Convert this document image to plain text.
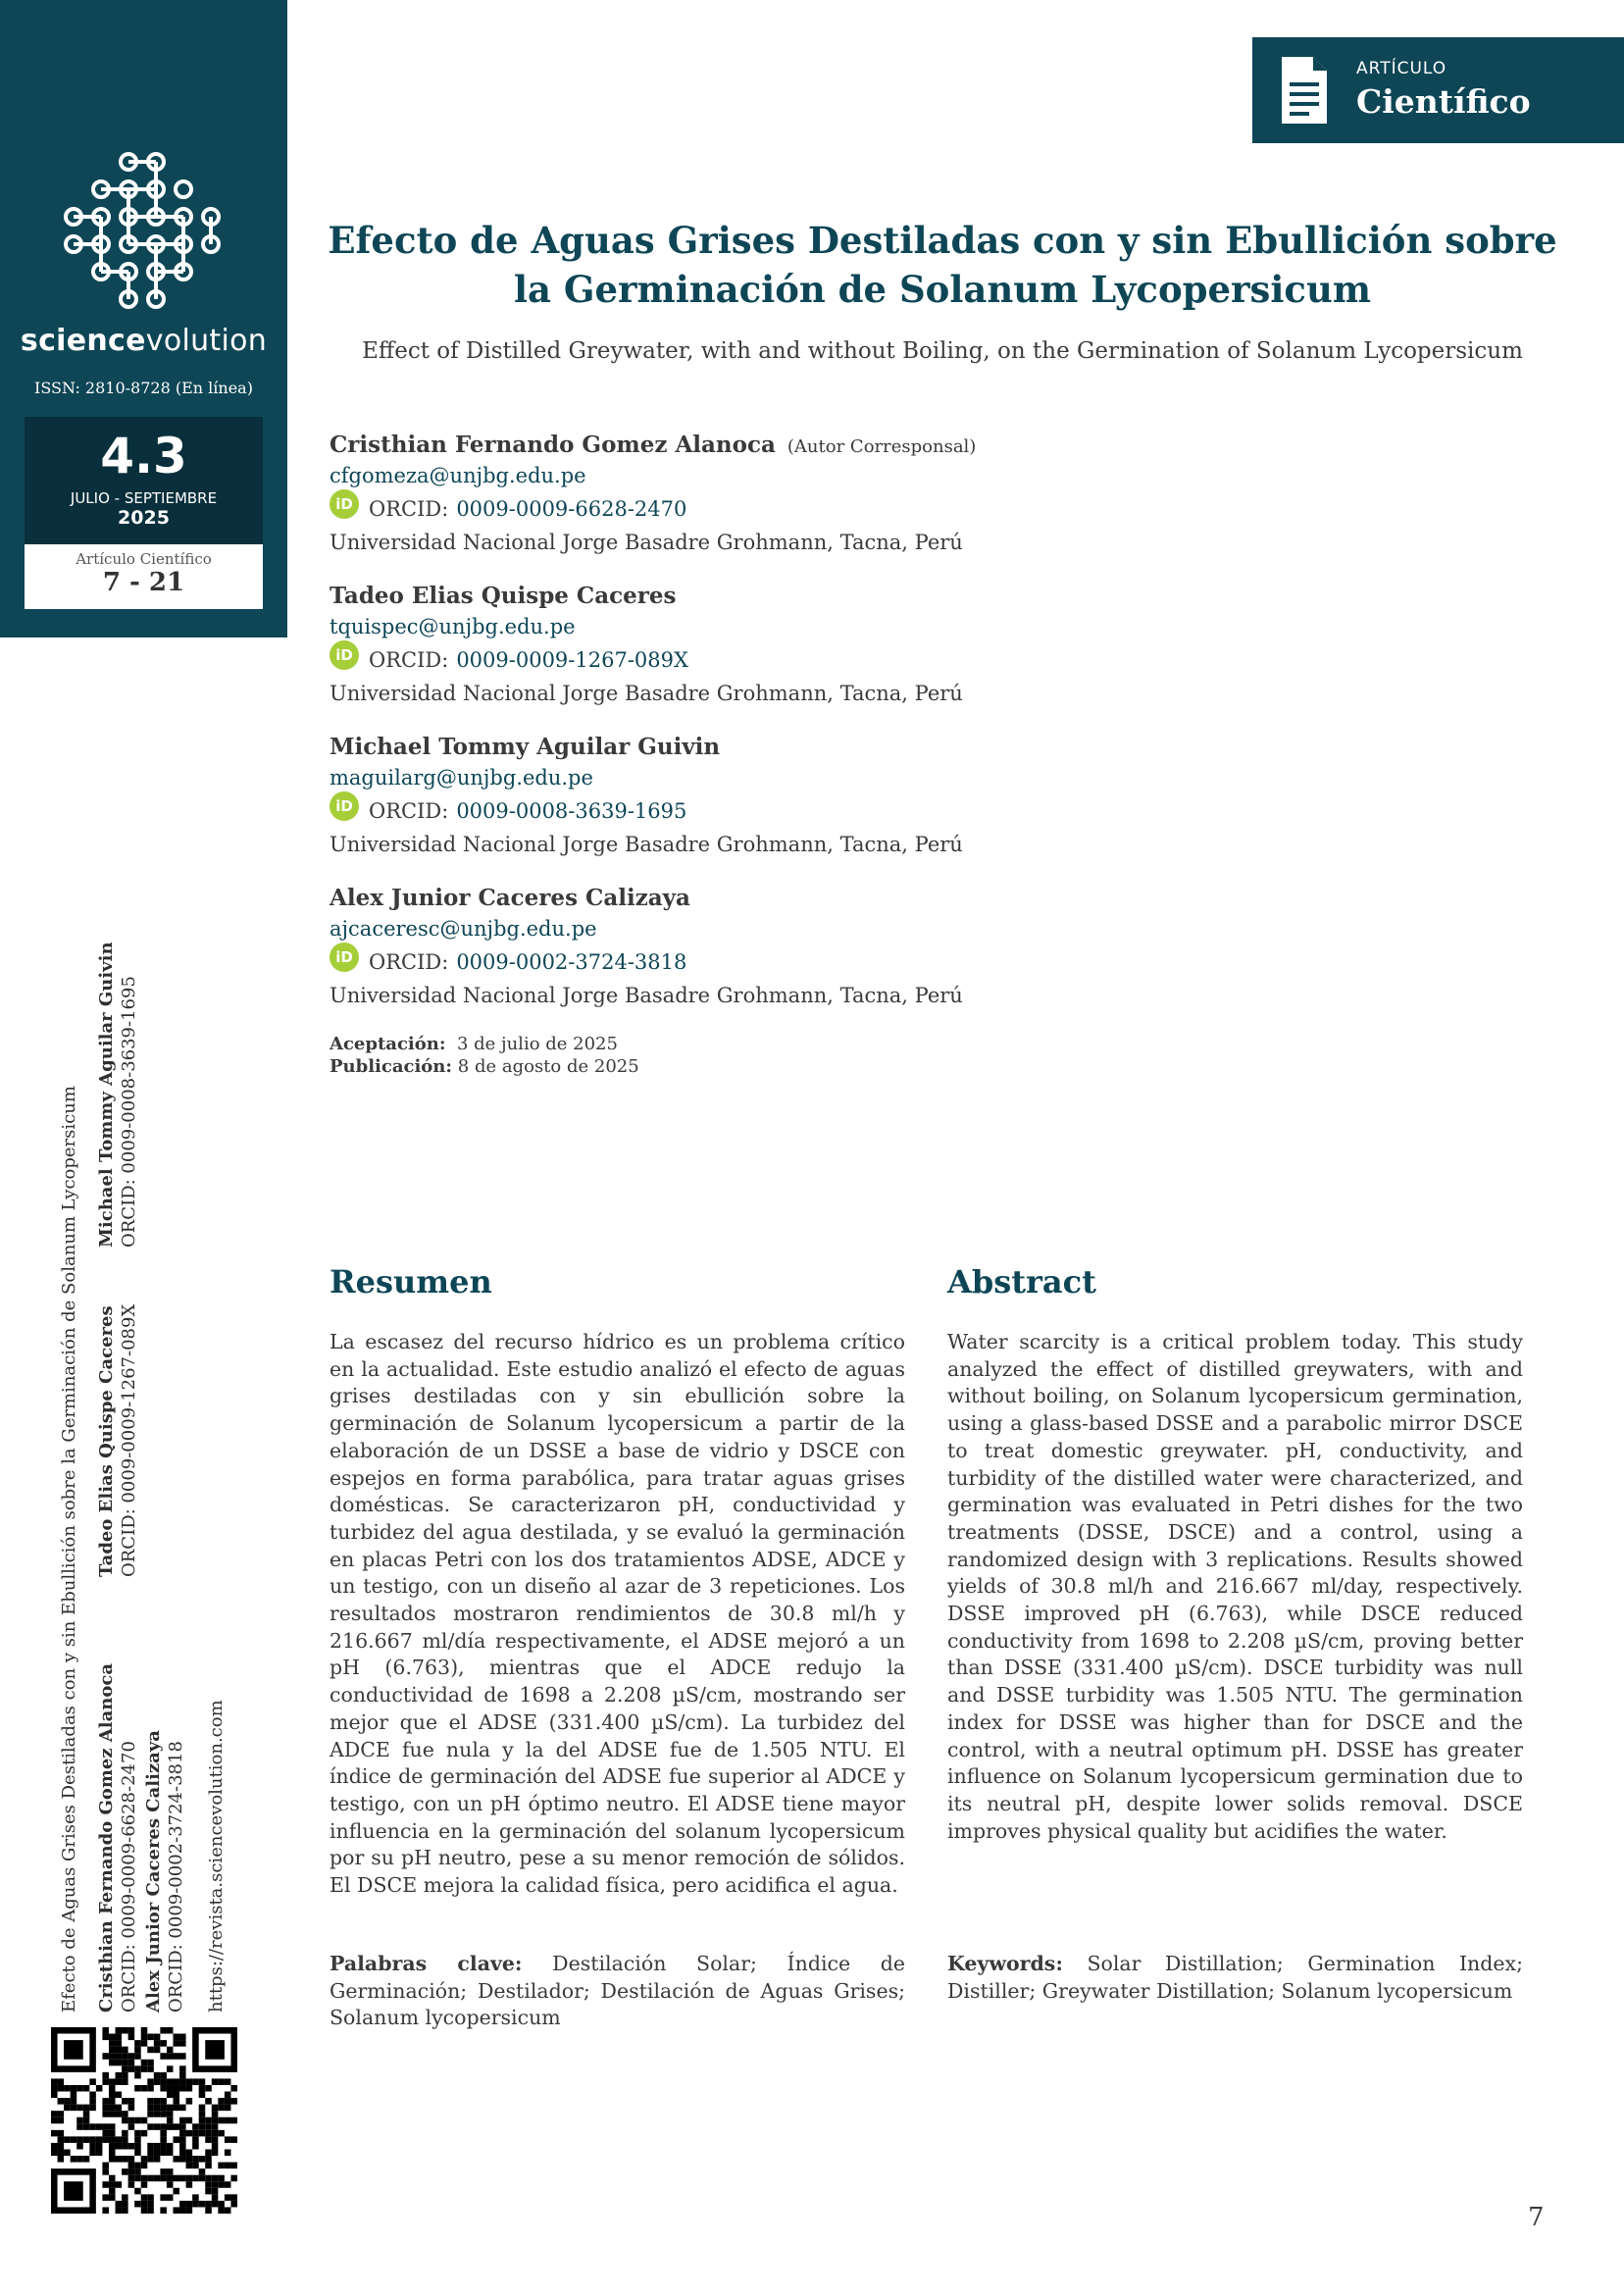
sciencevolution
ISSN: 2810-8728 (En línea)
4.3
JULIO - SEPTIEMBRE
2025
Artículo Científico
7 - 21
ARTÍCULO
Científico
Efecto de Aguas Grises Destiladas con y sin Ebullición sobre
la Germinación de Solanum Lycopersicum
Effect of Distilled Greywater, with and without Boiling, on the Germination of Solanum Lycopersicum
Cristhian Fernando Gomez Alanoca (Autor Corresponsal)
cfgomeza@unjbg.edu.pe
iD ORCID: 0009-0009-6628-2470
Universidad Nacional Jorge Basadre Grohmann, Tacna, Perú
Tadeo Elias Quispe Caceres
tquispec@unjbg.edu.pe
iD ORCID: 0009-0009-1267-089X
Universidad Nacional Jorge Basadre Grohmann, Tacna, Perú
Michael Tommy Aguilar Guivin
maguilarg@unjbg.edu.pe
iD ORCID: 0009-0008-3639-1695
Universidad Nacional Jorge Basadre Grohmann, Tacna, Perú
Alex Junior Caceres Calizaya
ajcaceresc@unjbg.edu.pe
iD ORCID: 0009-0002-3724-3818
Universidad Nacional Jorge Basadre Grohmann, Tacna, Perú
Aceptación: 3 de julio de 2025
Publicación: 8 de agosto de 2025
Resumen

La escasez del recurso hídrico es un problema crítico en la actualidad. Este estudio analizó el efecto de aguas grises destiladas con y sin ebullición sobre la germinación de Solanum lycopersicum a partir de la elaboración de un DSSE a base de vidrio y DSCE con espejos en forma parabólica, para tratar aguas grises domésticas. Se caracterizaron pH, conductividad y turbidez del agua destilada, y se evaluó la germinación en placas Petri con los dos tratamientos ADSE, ADCE y un testigo, con un diseño al azar de 3 repeticiones. Los resultados mostraron rendimientos de 30.8 ml/h y 216.667 ml/día respectivamente, el ADSE mejoró a un pH (6.763), mientras que el ADCE redujo la conductividad de 1698 a 2.208 µS/cm, mostrando ser mejor que el ADSE (331.400 µS/cm). La turbidez del ADCE fue nula y la del ADSE fue de 1.505 NTU. El índice de germinación del ADSE fue superior al ADCE y testigo, con un pH óptimo neutro. El ADSE tiene mayor influencia en la germinación del solanum lycopersicum por su pH neutro, pese a su menor remoción de sólidos. El DSCE mejora la calidad física, pero acidifica el agua.

Palabras clave: Destilación Solar; Índice de Germinación; Destilador; Destilación de Aguas Grises; Solanum lycopersicum

Abstract

Water scarcity is a critical problem today. This study analyzed the effect of distilled greywaters, with and without boiling, on Solanum lycopersicum germination, using a glass-based DSSE and a parabolic mirror DSCE to treat domestic greywater. pH, conductivity, and turbidity of the distilled water were characterized, and germination was evaluated in Petri dishes for the two treatments (DSSE, DSCE) and a control, using a randomized design with 3 replications. Results showed yields of 30.8 ml/h and 216.667 ml/day, respectively. DSSE improved pH (6.763), while DSCE reduced conductivity from 1698 to 2.208 µS/cm, proving better than DSSE (331.400 µS/cm). DSCE turbidity was null and DSSE turbidity was 1.505 NTU. The germination index for DSSE was higher than for DSCE and the control, with a neutral optimum pH. DSSE has greater influence on Solanum lycopersicum germination due to its neutral pH, despite lower solids removal. DSCE improves physical quality but acidifies the water.

Keywords: Solar Distillation; Germination Index; Distiller; Greywater Distillation; Solanum lycopersicum

Efecto de Aguas Grises Destiladas con y sin Ebullición sobre la Germinación de Solanum Lycopersicum Cristhian Fernando Gomez Alanoca ORCID: 0009-0009-6628-2470 Alex Junior Caceres Calizaya ORCID: 0009-0002-3724-3818
Tadeo Elias Quispe Caceres ORCID: 0009-0009-1267-089X
Michael Tommy Aguilar Guivin ORCID: 0009-0008-3639-1695
https://revista.sciencevolution.com
7
